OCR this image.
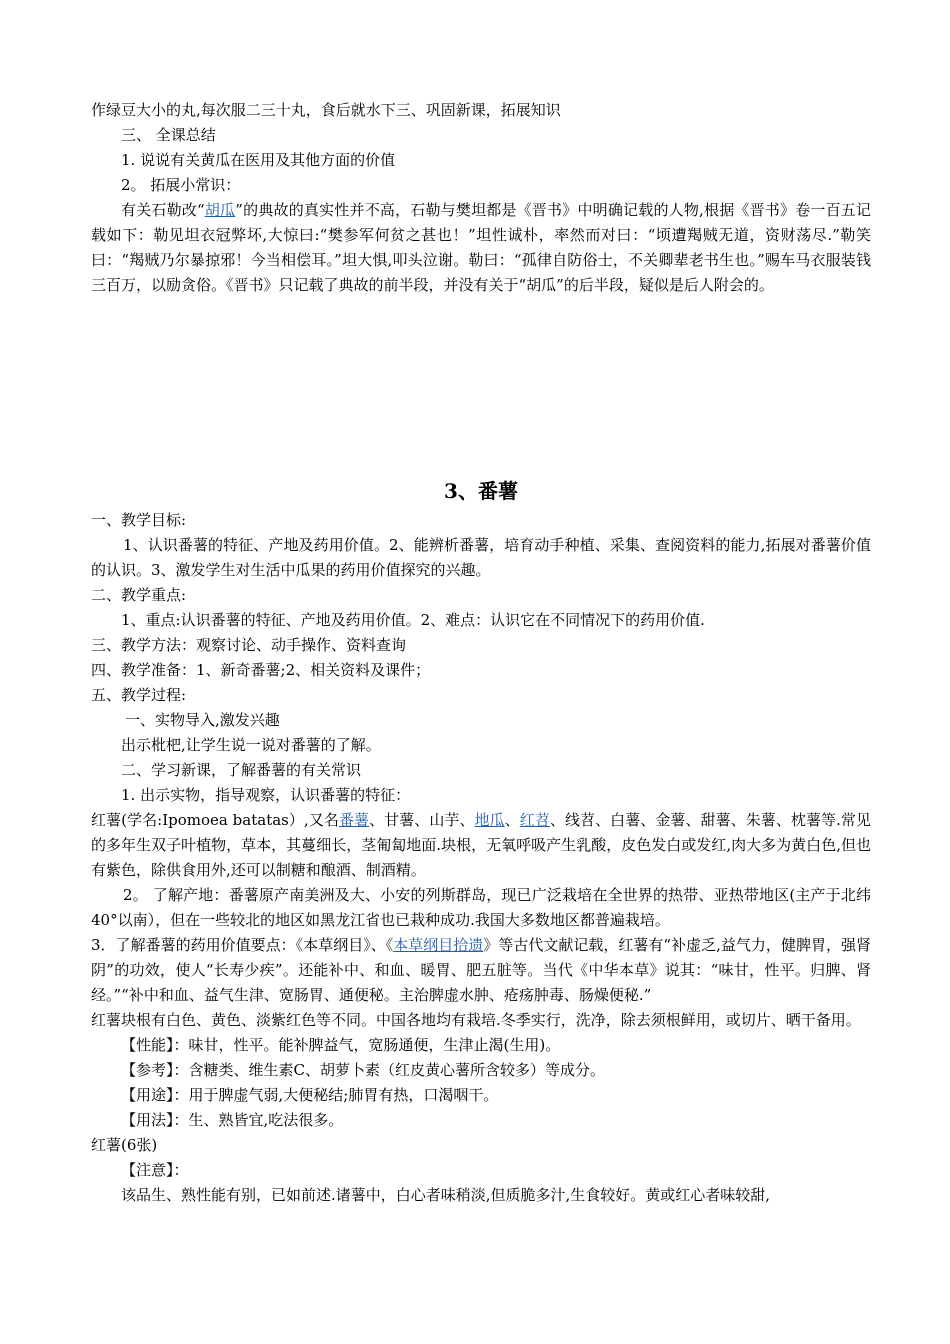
作绿豆大小的丸,每次服二三十丸，食后就水下三、巩固新课，拓展知识

三、 全课总结

1. 说说有关黄瓜在医用及其他方面的价值

2。 拓展小常识：

有关石勒改“胡瓜”的典故的真实性并不高，石勒与樊坦都是《晋书》中明确记载的人物,根据《晋书》卷一百五记载如下：勒见坦衣冠弊坏,大惊曰:“樊参军何贫之甚也！”坦性诚朴，率然而对曰：“顷遭羯贼无道，资财荡尽.”勒笑曰：“羯贼乃尔暴掠邪！今当相偿耳。”坦大惧,叩头泣谢。勒曰：“孤律自防俗士，不关卿辈老书生也。”赐车马衣服装钱三百万，以励贪俗。《晋书》只记载了典故的前半段，并没有关于“胡瓜”的后半段，疑似是后人附会的。

3、番薯

一、教学目标:

1、认识番薯的特征、产地及药用价值。2、能辨析番薯，培育动手种植、采集、查阅资料的能力,拓展对番薯价值的认识。3、激发学生对生活中瓜果的药用价值探究的兴趣。

二、教学重点:

1、重点:认识番薯的特征、产地及药用价值。2、难点：认识它在不同情况下的药用价值.

三、教学方法：观察讨论、动手操作、资料查询

四、教学准备：1、新奇番薯;2、相关资料及课件；

五、教学过程:

一、实物导入,激发兴趣

出示枇杷,让学生说一说对番薯的了解。

二、学习新课，了解番薯的有关常识

1. 出示实物，指导观察，认识番薯的特征：

红薯(学名:Ipomoea batatas）,又名番薯、甘薯、山芋、地瓜、红苕、线苕、白薯、金薯、甜薯、朱薯、枕薯等.常见的多年生双子叶植物，草本，其蔓细长，茎匍匐地面.块根，无氧呼吸产生乳酸，皮色发白或发红,肉大多为黄白色,但也有紫色，除供食用外,还可以制糖和酿酒、制酒精。

2。 了解产地：番薯原产南美洲及大、小安的列斯群岛，现已广泛栽培在全世界的热带、亚热带地区(主产于北纬40°以南），但在一些较北的地区如黑龙江省也已栽种成功.我国大多数地区都普遍栽培。

3．了解番薯的药用价值要点：《本草纲目》、《本草纲目拾遗》等古代文献记载，红薯有“补虚乏,益气力，健脾胃，强肾阴”的功效，使人“长寿少疾”。还能补中、和血、暖胃、肥五脏等。当代《中华本草》说其：“味甘，性平。归脾、肾经。”“补中和血、益气生津、宽肠胃、通便秘。主治脾虚水肿、疮疡肿毒、肠燥便秘.”

红薯块根有白色、黄色、淡紫红色等不同。中国各地均有栽培.冬季实行，洗净，除去须根鲜用，或切片、晒干备用。

【性能】：味甘，性平。能补脾益气，宽肠通便，生津止渴(生用)。

【参考】：含糖类、维生素C、胡萝卜素（红皮黄心薯所含较多）等成分。

【用途】：用于脾虚气弱,大便秘结;肺胃有热，口渴咽干。

【用法】：生、熟皆宜,吃法很多。

红薯(6张)

【注意】：

该品生、熟性能有别，已如前述.诸薯中，白心者味稍淡,但质脆多汁,生食较好。黄或红心者味较甜,
